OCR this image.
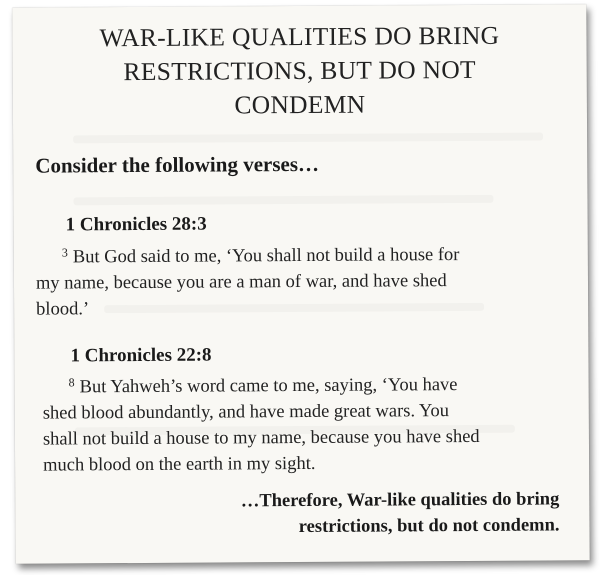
WAR-LIKE QUALITIES DO BRING
RESTRICTIONS, BUT DO NOT
CONDEMN
Consider the following verses…
1 Chronicles 28:3
$^3$ But God said to me, ‘You shall not build a house for
my name, because you are a man of war, and have shed
blood.’
1 Chronicles 22:8
$^8$ But Yahweh’s word came to me, saying, ‘You have
shed blood abundantly, and have made great wars. You
shall not build a house to my name, because you have shed
much blood on the earth in my sight.
…Therefore, War-like qualities do bring
restrictions, but do not condemn.
